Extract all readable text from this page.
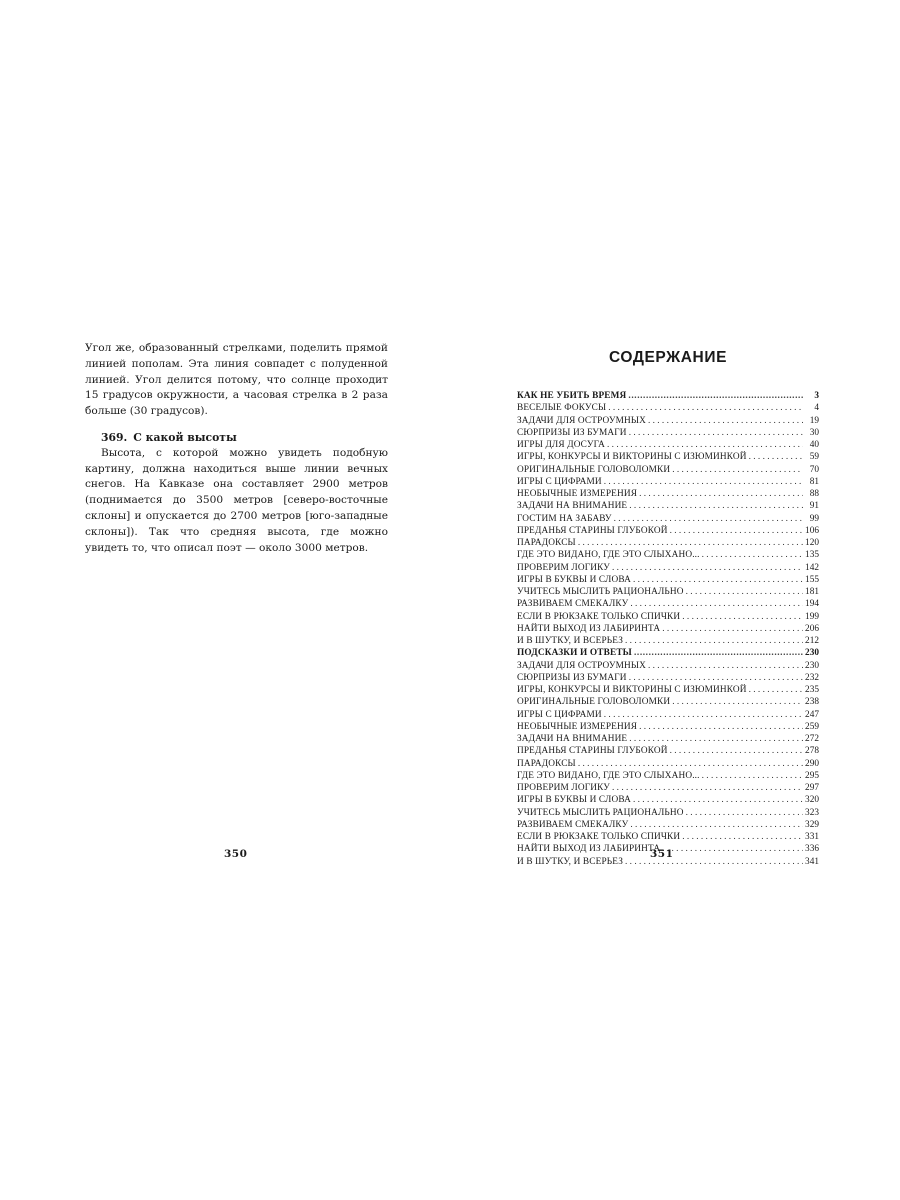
Угол же, образованный стрелками, поделить прямой линией пополам. Эта линия совпадет с полуденной линией. Угол делится потому, что солнце проходит 15 градусов окружности, а часовая стрелка в 2 раза больше (30 градусов).

369. С какой высоты

Высота, с которой можно увидеть подобную картину, должна находиться выше линии вечных снегов. На Кавказе она составляет 2900 метров (поднимается до 3500 метров [северо-восточные склоны] и опускается до 2700 метров [юго-западные склоны]). Так что средняя высота, где можно увидеть то, что описал поэт — около 3000 метров.

350
СОДЕРЖАНИЕ
КАК НЕ УБИТЬ ВРЕМЯ .....	3
ВЕСЕЛЫЕ ФОКУСЫ . . .	4
ЗАДАЧИ ДЛЯ ОСТРОУМНЫХ . . .	19
СЮРПРИЗЫ ИЗ БУМАГИ . . .	30
ИГРЫ ДЛЯ ДОСУГА . . .	40
ИГРЫ, КОНКУРСЫ И ВИКТОРИНЫ С ИЗЮМИНКОЙ . . .	59
ОРИГИНАЛЬНЫЕ ГОЛОВОЛОМКИ . . .	70
ИГРЫ С ЦИФРАМИ . . .	81
НЕОБЫЧНЫЕ ИЗМЕРЕНИЯ . . .	88
ЗАДАЧИ НА ВНИМАНИЕ . . .	91
ГОСТИМ НА ЗАБАВУ . . .	99
ПРЕДАНЬЯ СТАРИНЫ ГЛУБОКОЙ . . .	106
ПАРАДОКСЫ . . .	120
ГДЕ ЭТО ВИДАНО, ГДЕ ЭТО СЛЫХАНО... . . .	135
ПРОВЕРИМ ЛОГИКУ . . .	142
ИГРЫ В БУКВЫ И СЛОВА . . .	155
УЧИТЕСЬ МЫСЛИТЬ РАЦИОНАЛЬНО . . .	181
РАЗВИВАЕМ СМЕКАЛКУ . . .	194
ЕСЛИ В РЮКЗАКЕ ТОЛЬКО СПИЧКИ . . .	199
НАЙТИ ВЫХОД ИЗ ЛАБИРИНТА . . .	206
И В ШУТКУ, И ВСЕРЬЕЗ . . .	212
ПОДСКАЗКИ И ОТВЕТЫ .....	230
ЗАДАЧИ ДЛЯ ОСТРОУМНЫХ . . .	230
СЮРПРИЗЫ ИЗ БУМАГИ . . .	232
ИГРЫ, КОНКУРСЫ И ВИКТОРИНЫ С ИЗЮМИНКОЙ . . .	235
ОРИГИНАЛЬНЫЕ ГОЛОВОЛОМКИ . . .	238
ИГРЫ С ЦИФРАМИ . . .	247
НЕОБЫЧНЫЕ ИЗМЕРЕНИЯ . . .	259
ЗАДАЧИ НА ВНИМАНИЕ . . .	272
ПРЕДАНЬЯ СТАРИНЫ ГЛУБОКОЙ . . .	278
ПАРАДОКСЫ . . .	290
ГДЕ ЭТО ВИДАНО, ГДЕ ЭТО СЛЫХАНО... . . .	295
ПРОВЕРИМ ЛОГИКУ . . .	297
ИГРЫ В БУКВЫ И СЛОВА . . .	320
УЧИТЕСЬ МЫСЛИТЬ РАЦИОНАЛЬНО . . .	323
РАЗВИВАЕМ СМЕКАЛКУ . . .	329
ЕСЛИ В РЮКЗАКЕ ТОЛЬКО СПИЧКИ . . .	331
НАЙТИ ВЫХОД ИЗ ЛАБИРИНТА . . .	336
И В ШУТКУ, И ВСЕРЬЕЗ . . .	341
351
